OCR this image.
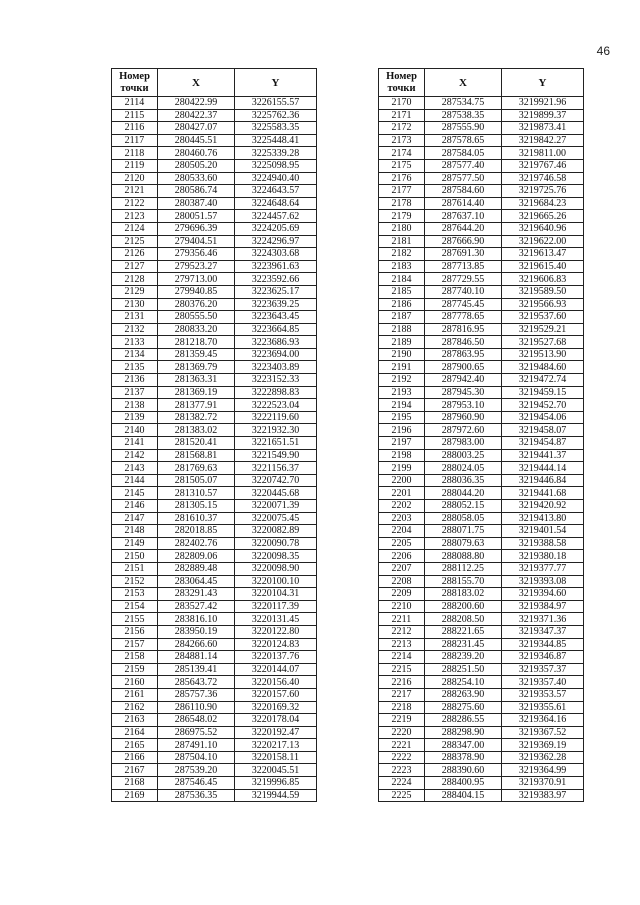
46
Номер точки	X	Y
2114	280422.99	3226155.57
2115	280422.37	3225762.36
2116	280427.07	3225583.35
2117	280445.51	3225448.41
2118	280460.76	3225339.28
2119	280505.20	3225098.95
2120	280533.60	3224940.40
2121	280586.74	3224643.57
2122	280387.40	3224648.64
2123	280051.57	3224457.62
2124	279696.39	3224205.69
2125	279404.51	3224296.97
2126	279356.46	3224303.68
2127	279523.27	3223961.63
2128	279713.00	3223592.66
2129	279940.85	3223625.17
2130	280376.20	3223639.25
2131	280555.50	3223643.45
2132	280833.20	3223664.85
2133	281218.70	3223686.93
2134	281359.45	3223694.00
2135	281369.79	3223403.89
2136	281363.31	3223152.33
2137	281369.19	3222898.83
2138	281377.91	3222523.04
2139	281382.72	3222119.60
2140	281383.02	3221932.30
2141	281520.41	3221651.51
2142	281568.81	3221549.90
2143	281769.63	3221156.37
2144	281505.07	3220742.70
2145	281310.57	3220445.68
2146	281305.15	3220071.39
2147	281610.37	3220075.45
2148	282018.85	3220082.89
2149	282402.76	3220090.78
2150	282809.06	3220098.35
2151	282889.48	3220098.90
2152	283064.45	3220100.10
2153	283291.43	3220104.31
2154	283527.42	3220117.39
2155	283816.10	3220131.45
2156	283950.19	3220122.80
2157	284266.60	3220124.83
2158	284881.14	3220137.76
2159	285139.41	3220144.07
2160	285643.72	3220156.40
2161	285757.36	3220157.60
2162	286110.90	3220169.32
2163	286548.02	3220178.04
2164	286975.52	3220192.47
2165	287491.10	3220217.13
2166	287504.10	3220158.11
2167	287539.20	3220045.51
2168	287546.45	3219996.85
2169	287536.35	3219944.59
Номер точки	X	Y
2170	287534.75	3219921.96
2171	287538.35	3219899.37
2172	287555.90	3219873.41
2173	287578.65	3219842.27
2174	287584.05	3219811.00
2175	287577.40	3219767.46
2176	287577.50	3219746.58
2177	287584.60	3219725.76
2178	287614.40	3219684.23
2179	287637.10	3219665.26
2180	287644.20	3219640.96
2181	287666.90	3219622.00
2182	287691.30	3219613.47
2183	287713.85	3219615.40
2184	287729.55	3219606.83
2185	287740.10	3219589.50
2186	287745.45	3219566.93
2187	287778.65	3219537.60
2188	287816.95	3219529.21
2189	287846.50	3219527.68
2190	287863.95	3219513.90
2191	287900.65	3219484.60
2192	287942.40	3219472.74
2193	287945.30	3219459.15
2194	287953.10	3219452.70
2195	287960.90	3219454.06
2196	287972.60	3219458.07
2197	287983.00	3219454.87
2198	288003.25	3219441.37
2199	288024.05	3219444.14
2200	288036.35	3219446.84
2201	288044.20	3219441.68
2202	288052.15	3219420.92
2203	288058.05	3219413.80
2204	288071.75	3219401.54
2205	288079.63	3219388.58
2206	288088.80	3219380.18
2207	288112.25	3219377.77
2208	288155.70	3219393.08
2209	288183.02	3219394.60
2210	288200.60	3219384.97
2211	288208.50	3219371.36
2212	288221.65	3219347.37
2213	288231.45	3219344.85
2214	288239.20	3219346.87
2215	288251.50	3219357.37
2216	288254.10	3219357.40
2217	288263.90	3219353.57
2218	288275.60	3219355.61
2219	288286.55	3219364.16
2220	288298.90	3219367.52
2221	288347.00	3219369.19
2222	288378.90	3219362.28
2223	288390.60	3219364.99
2224	288400.95	3219370.91
2225	288404.15	3219383.97
